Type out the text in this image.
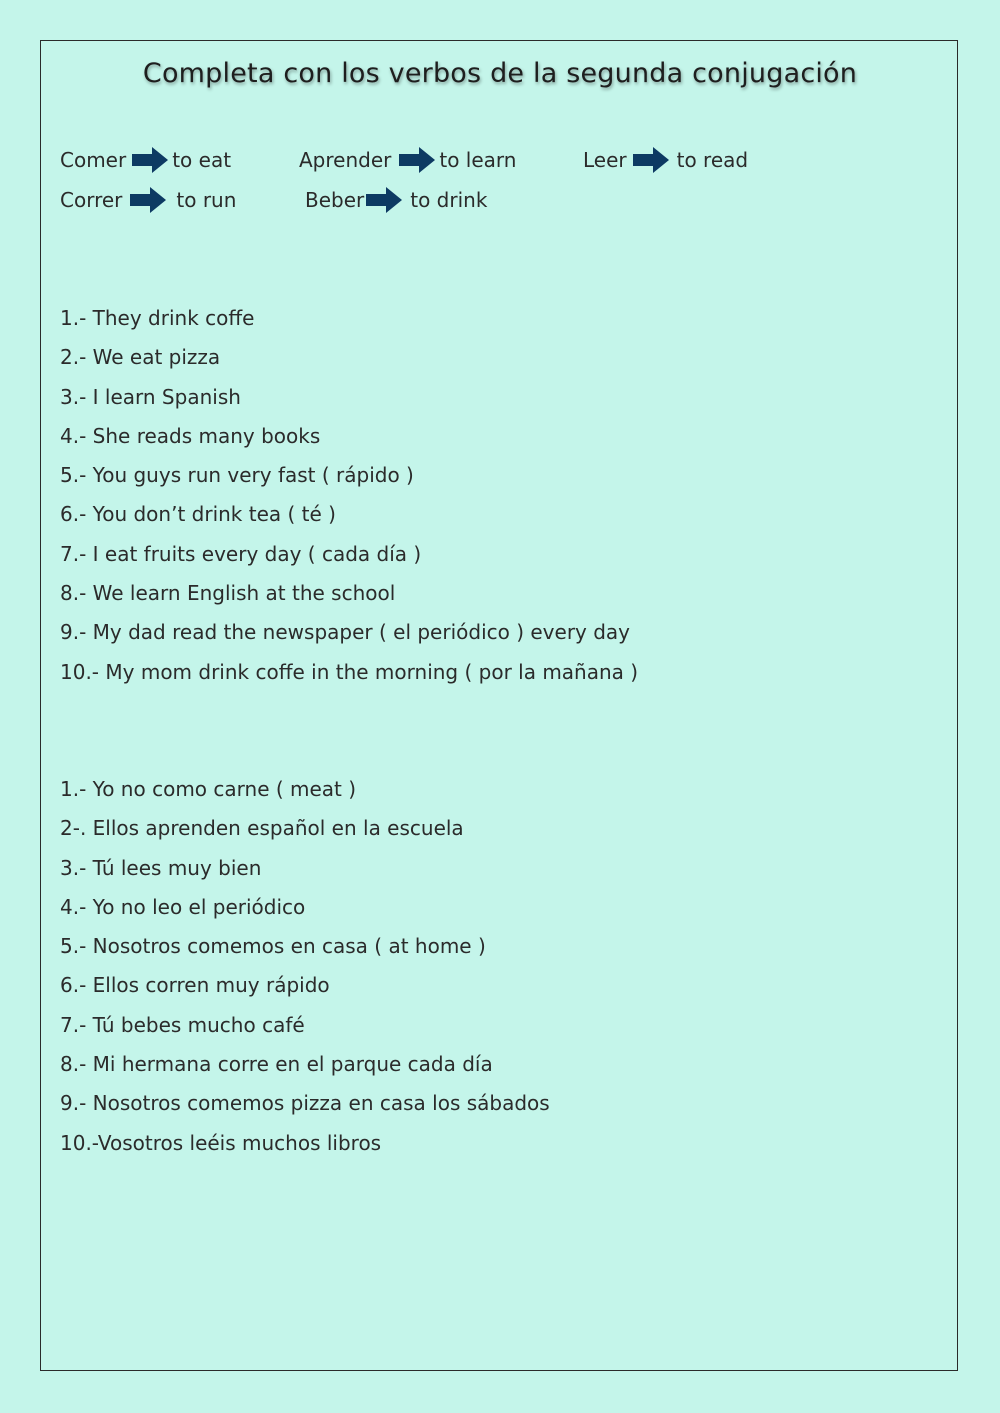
Completa con los verbos de la segunda conjugación
Comer to eat	Aprender to learn	Leer	to read
Correr	to run	Beber to drink
1.- They drink coffe
2.- We eat pizza
3.- I learn Spanish
4.- She reads many books
5.- You guys run very fast ( rápido )
6.- You don’t drink tea ( té )
7.- I eat fruits every day ( cada día )
8.- We learn English at the school
9.- My dad read the newspaper ( el periódico ) every day
10.- My mom drink coffe in the morning ( por la mañana )
1.- Yo no como carne ( meat )
2-. Ellos aprenden español en la escuela
3.- Tú lees muy bien
4.- Yo no leo el periódico
5.- Nosotros comemos en casa ( at home )
6.- Ellos corren muy rápido
7.- Tú bebes mucho café
8.- Mi hermana corre en el parque cada día
9.- Nosotros comemos pizza en casa los sábados
10.-Vosotros leéis muchos libros
